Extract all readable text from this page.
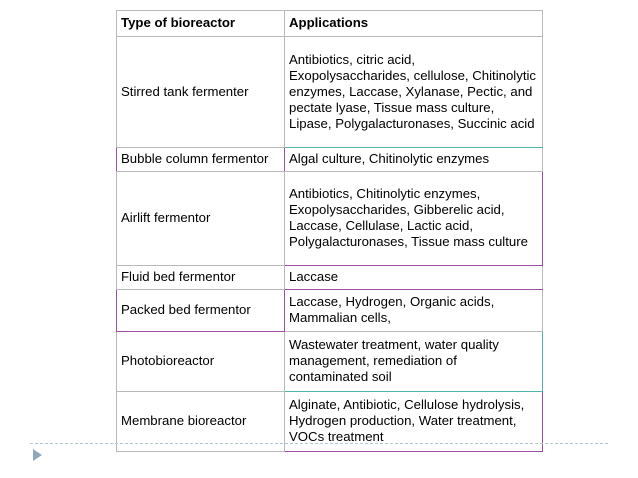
Type of bioreactor	Applications
Stirred tank fermenter	Antibiotics, citric acid, Exopolysaccharides, cellulose, Chitinolytic enzymes, Laccase, Xylanase, Pectic, and pectate lyase, Tissue mass culture, Lipase, Polygalacturonases, Succinic acid
Bubble column fermentor	Algal culture, Chitinolytic enzymes
Airlift fermentor	Antibiotics, Chitinolytic enzymes, Exopolysaccharides, Gibberelic acid, Laccase, Cellulase, Lactic acid, Polygalacturonases, Tissue mass culture
Fluid bed fermentor	Laccase
Packed bed fermentor	Laccase, Hydrogen, Organic acids, Mammalian cells,
Photobioreactor	Wastewater treatment, water quality management, remediation of contaminated soil
Membrane bioreactor	Alginate, Antibiotic, Cellulose hydrolysis, Hydrogen production, Water treatment, VOCs treatment
